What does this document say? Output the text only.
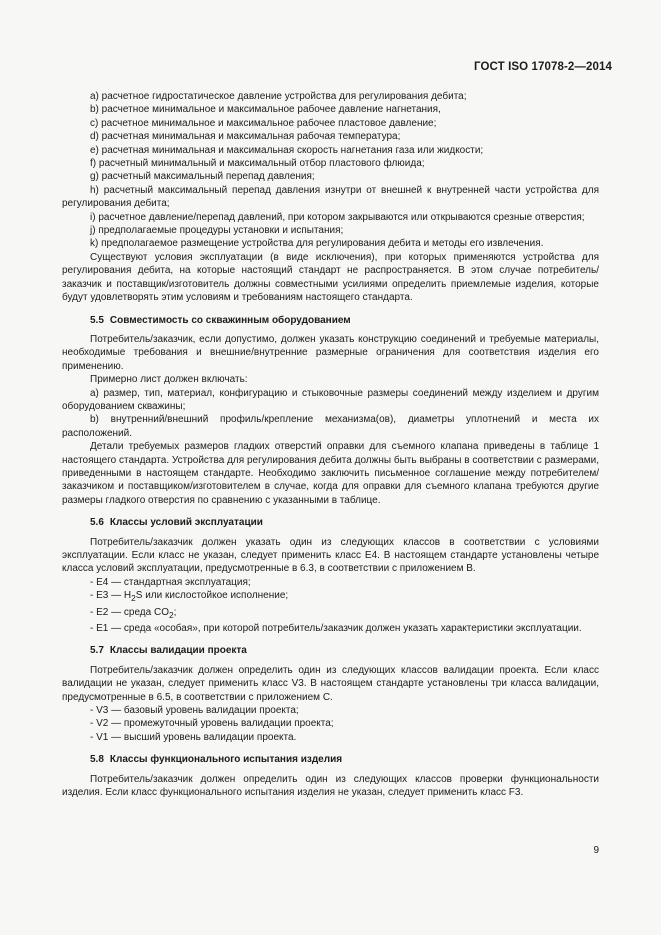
ГОСТ ISO 17078-2—2014

a) расчетное гидростатическое давление устройства для регулирования дебита;

b) расчетное минимальное и максимальное рабочее давление нагнетания,

c) расчетное минимальное и максимальное рабочее пластовое давление;

d) расчетная минимальная и максимальная рабочая температура;

e) расчетная минимальная и максимальная скорость нагнетания газа или жидкости;

f) расчетный минимальный и максимальный отбор пластового флюида;

g) расчетный максимальный перепад давления;

h) расчетный максимальный перепад давления изнутри от внешней к внутренней части устройства для регулирования дебита;

i) расчетное давление/перепад давлений, при котором закрываются или открываются срезные отверстия;

j) предполагаемые процедуры установки и испытания;

k) предполагаемое размещение устройства для регулирования дебита и методы его извлечения.

Существуют условия эксплуатации (в виде исключения), при которых применяются устройства для регулирования дебита, на которые настоящий стандарт не распространяется. В этом случае потребитель/заказчик и поставщик/изготовитель должны совместными усилиями определить приемлемые изделия, которые будут удовлетворять этим условиям и требованиям настоящего стандарта.

5.5 Совместимость со скважинным оборудованием

Потребитель/заказчик, если допустимо, должен указать конструкцию соединений и требуемые материалы, необходимые требования и внешние/внутренние размерные ограничения для соответствия изделия его применению.

Примерно лист должен включать:

a) размер, тип, материал, конфигурацию и стыковочные размеры соединений между изделием и другим оборудованием скважины;

b) внутренний/внешний профиль/крепление механизма(ов), диаметры уплотнений и места их расположений.

Детали требуемых размеров гладких отверстий оправки для съемного клапана приведены в таблице 1 настоящего стандарта. Устройства для регулирования дебита должны быть выбраны в соответствии с размерами, приведенными в настоящем стандарте. Необходимо заключить письменное соглашение между потребителем/заказчиком и поставщиком/изготовителем в случае, когда для оправки для съемного клапана требуются другие размеры гладкого отверстия по сравнению с указанными в таблице.

5.6 Классы условий эксплуатации

Потребитель/заказчик должен указать один из следующих классов в соответствии с условиями эксплуатации. Если класс не указан, следует применить класс E4. В настоящем стандарте установлены четыре класса условий эксплуатации, предусмотренные в 6.3, в соответствии с приложением B.

- E4 — стандартная эксплуатация;

- E3 — $H_2S$ или кислостойкое исполнение;

- E2 — среда $CO_2$;

- E1 — среда «особая», при которой потребитель/заказчик должен указать характеристики эксплуатации.

5.7 Классы валидации проекта

Потребитель/заказчик должен определить один из следующих классов валидации проекта. Если класс валидации не указан, следует применить класс V3. В настоящем стандарте установлены три класса валидации, предусмотренные в 6.5, в соответствии с приложением C.

- V3 — базовый уровень валидации проекта;

- V2 — промежуточный уровень валидации проекта;

- V1 — высший уровень валидации проекта.

5.8 Классы функционального испытания изделия

Потребитель/заказчик должен определить один из следующих классов проверки функциональности изделия. Если класс функционального испытания изделия не указан, следует применить класс F3.

9
